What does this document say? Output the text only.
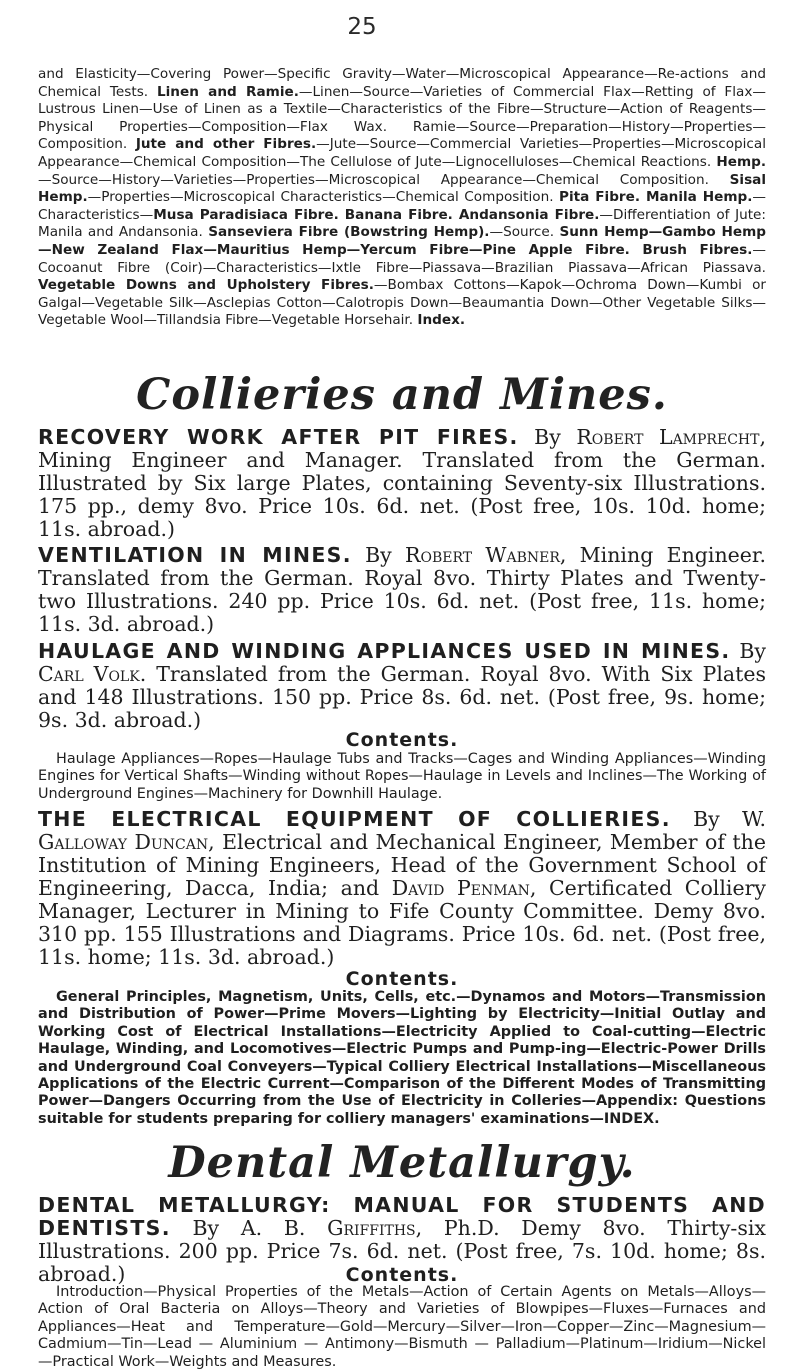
25
and Elasticity—Covering Power—Specific Gravity—Water—Microscopical Appearance—Re-actions and Chemical Tests. Linen and Ramie.—Linen—Source—Varieties of Commercial Flax—Retting of Flax—Lustrous Linen—Use of Linen as a Textile—Characteristics of the Fibre—Structure—Action of Reagents—Physical Properties—Composition—Flax Wax. Ramie—Source—Preparation—History—Properties—Composition. Jute and other Fibres.—Jute—Source—Commercial Varieties—Properties—Microscopical Appearance—Chemical Composition—The Cellulose of Jute—Lignocelluloses—Chemical Reactions. Hemp.—Source—History—Varieties—Properties—Microscopical Appearance—Chemical Composition. Sisal Hemp.—Properties—Microscopical Characteristics—Chemical Composition. Pita Fibre. Manila Hemp.—Characteristics—Musa Paradisiaca Fibre. Banana Fibre. Andansonia Fibre.—Differentiation of Jute: Manila and Andansonia. Sanseviera Fibre (Bowstring Hemp).—Source. Sunn Hemp—Gambo Hemp—New Zealand Flax—Mauritius Hemp—Yercum Fibre—Pine Apple Fibre. Brush Fibres.—Cocoanut Fibre (Coir)—Characteristics—Ixtle Fibre—Piassava—Brazilian Piassava—African Piassava. Vegetable Downs and Upholstery Fibres.—Bombax Cottons—Kapok—Ochroma Down—Kumbi or Galgal—Vegetable Silk—Asclepias Cotton—Calotropis Down—Beaumantia Down—Other Vegetable Silks—Vegetable Wool—Tillandsia Fibre—Vegetable Horsehair. Index.
Collieries and Mines.
RECOVERY WORK AFTER PIT FIRES. By Robert Lamprecht, Mining Engineer and Manager. Translated from the German. Illustrated by Six large Plates, containing Seventy-six Illustrations. 175 pp., demy 8vo. Price 10s. 6d. net. (Post free, 10s. 10d. home; 11s. abroad.)
VENTILATION IN MINES. By Robert Wabner, Mining Engineer. Translated from the German. Royal 8vo. Thirty Plates and Twenty-two Illustrations. 240 pp. Price 10s. 6d. net. (Post free, 11s. home; 11s. 3d. abroad.)
HAULAGE AND WINDING APPLIANCES USED IN MINES. By Carl Volk. Translated from the German. Royal 8vo. With Six Plates and 148 Illustrations. 150 pp. Price 8s. 6d. net. (Post free, 9s. home; 9s. 3d. abroad.)
Contents.
Haulage Appliances—Ropes—Haulage Tubs and Tracks—Cages and Winding Appliances—Winding Engines for Vertical Shafts—Winding without Ropes—Haulage in Levels and Inclines—The Working of Underground Engines—Machinery for Downhill Haulage.
THE ELECTRICAL EQUIPMENT OF COLLIERIES. By W. Galloway Duncan, Electrical and Mechanical Engineer, Member of the Institution of Mining Engineers, Head of the Government School of Engineering, Dacca, India; and David Penman, Certificated Colliery Manager, Lecturer in Mining to Fife County Committee. Demy 8vo. 310 pp. 155 Illustrations and Diagrams. Price 10s. 6d. net. (Post free, 11s. home; 11s. 3d. abroad.)
Contents.
General Principles, Magnetism, Units, Cells, etc.—Dynamos and Motors—Transmission and Distribution of Power—Prime Movers—Lighting by Electricity—Initial Outlay and Working Cost of Electrical Installations—Electricity Applied to Coal-cutting—Electric Haulage, Winding, and Locomotives—Electric Pumps and Pump-ing—Electric-Power Drills and Underground Coal Conveyers—Typical Colliery Electrical Installations—Miscellaneous Applications of the Electric Current—Comparison of the Different Modes of Transmitting Power—Dangers Occurring from the Use of Electricity in Colleries—Appendix: Questions suitable for students preparing for colliery managers' examinations—INDEX.
Dental Metallurgy.
DENTAL METALLURGY: MANUAL FOR STUDENTS AND DENTISTS. By A. B. Griffiths, Ph.D. Demy 8vo. Thirty-six Illustrations. 200 pp. Price 7s. 6d. net. (Post free, 7s. 10d. home; 8s. abroad.)	Contents.
Introduction—Physical Properties of the Metals—Action of Certain Agents on Metals—Alloys—Action of Oral Bacteria on Alloys—Theory and Varieties of Blowpipes—Fluxes—Furnaces and Appliances—Heat and Temperature—Gold—Mercury—Silver—Iron—Copper—Zinc—Magnesium—Cadmium—Tin—Lead — Aluminium — Antimony—Bismuth — Palladium—Platinum—Iridium—Nickel—Practical Work—Weights and Measures.
